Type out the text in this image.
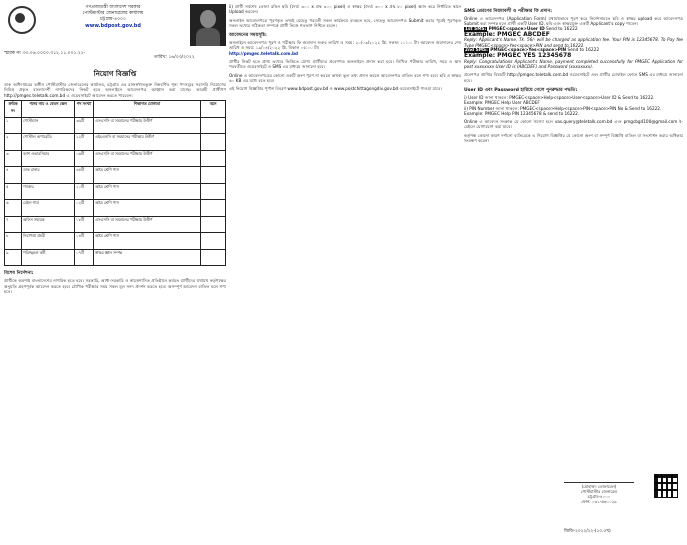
গণপ্রজাতন্ত্রী বাংলাদেশ সরকার
পোস্টমাস্টার জেনারেলের কার্যালয়
চট্টগ্রাম-৪০০০
www.bdpost.gov.bd
স্মারক নং ৩৩.০৬.০০০০.৩১২.১১.০০১.২২-
নিয়োগ বিজ্ঞপ্তি
ডাক অধিদপ্তরের অধীন পোস্টমাস্টার জেনারেলের কার্যালয়, চট্টগ্রাম এর রাজস্বখাতভুক্ত নিম্নবর্ণিত শূন্য পদসমূহে সরাসরি নিয়োগের নিমিত্ত প্রকৃত বাংলাদেশী নাগরিকদের নিকট হতে অনলাইনে আবেদনপত্র আহ্বান করা যাচ্ছে। আগ্রহী প্রার্থীগণ http://pmgec.teletalk.com.bd এ ওয়েবসাইটে আবেদন করতে পারবেন।
ক্রমিক নং	পদের নাম ও বেতন স্কেল	পদ সংখ্যা	শিক্ষাগত যোগ্যতা	বয়স
১	পোস্টম্যান	৩৯টি	এসএসসি বা সমমানের পরীক্ষায় উত্তীর্ণ	
২	পোস্টাল অপারেটর	১২টি	এইচএসসি বা সমমানের পরীক্ষায় উত্তীর্ণ	
৩	ক্যাশ ওভারসিয়ার	০৬টি	এসএসসি বা সমমানের পরীক্ষায় উত্তীর্ণ	
৪	ডাক রানার	৩৪টি	অষ্টম শ্রেণি পাস	
৫	প্যাকার	১০টি	অষ্টম শ্রেণি পাস	
৬	মেইল গার্ড	০২টি	অষ্টম শ্রেণি পাস	
৭	অফিস সহায়ক	০৮টি	এসএসসি বা সমমানের পরীক্ষায় উত্তীর্ণ	
৮	নিরাপত্তা প্রহরী	০৪টি	অষ্টম শ্রেণি পাস	
৯	পরিচ্ছন্নতা কর্মী	০৭টি	স্বাক্ষর জ্ঞান সম্পন্ন	
বিশেষ নির্দেশনা:
প্রার্থীকে অবশ্যই বাংলাদেশের নাগরিক হতে হবে। সরকারি, আধা-সরকারি ও স্বায়ত্তশাসিত প্রতিষ্ঠানে কর্মরত প্রার্থীদের যথাযথ কর্তৃপক্ষের অনুমতি গ্রহণপূর্বক আবেদন করতে হবে। মৌখিক পরীক্ষার সময় সকল মূল সনদ প্রদর্শন করতে হবে। অসম্পূর্ণ আবেদন বাতিল বলে গণ্য হবে।
ii) প্রার্থী সর্বশেষ তোলা রঙিন ছবি (দৈর্ঘ্য ৩০০ x প্রস্থ ৩০০ pixel) ও স্বাক্ষর (দৈর্ঘ্য ৩০০ x প্রস্থ ৮০ pixel) স্ক্যান করে নির্ধারিত স্থানে Upload করবেন।

অনলাইন আবেদনপত্রে পূরণকৃত তথ্যই যেহেতু পরবর্তী সকল কার্যক্রমে ব্যবহৃত হবে, সেহেতু আবেদনপত্র Submit করার পূর্বেই পূরণকৃত সকল তথ্যের সঠিকতা সম্পর্কে প্রার্থী নিজে শতভাগ নিশ্চিত হবেন।

আবেদনের সময়সূচি:
অনলাইনে আবেদনপত্র পূরণ ও পরীক্ষার ফি জমাদান শুরুর তারিখ ও সময়: ২০/০৩/২০২২ খ্রি. সকাল ১০:০০ টা। আবেদন জমাদানের শেষ তারিখ ও সময়: ১৯/০৪/২০২২ খ্রি. বিকাল ০৫:০০ টা।
http://pmgec.teletalk.com.bd

প্রার্থীর নিকট হতে প্রাপ্ত তথ্যের ভিত্তিতে যোগ্য প্রার্থীদের প্রবেশপত্র অনলাইনে প্রদান করা হবে। লিখিত পরীক্ষার তারিখ, সময় ও স্থান পরবর্তীতে ওয়েবসাইটে ও SMS এর মাধ্যমে জানানো হবে।

Online এ আবেদনপত্রের কোনো একটি অংশ পূরণ না করলে অথবা ভুল তথ্য প্রদান করলে আবেদনপত্র বাতিল বলে গণ্য হবে। ছবি ও স্বাক্ষর ৬০ KB এর মধ্যে হতে হবে।

এই নিয়োগ বিজ্ঞপ্তির পূর্ণাঙ্গ বিবরণ www.bdpost.gov.bd ও www.postchittagongdiv.gov.bd ওয়েবসাইটে পাওয়া যাবে।

SMS প্রেরণের নিয়মাবলী ও পরীক্ষার ফি প্রদান:
Online এ আবেদনপত্র (Application Form) যথাযথভাবে পূরণ করে নির্দেশনামতে ছবি ও স্বাক্ষর upload করে আবেদনপত্র Submit করা সম্পন্ন হলে প্রার্থী একটি User ID, ছবি এবং স্বাক্ষরযুক্ত একটি Applicant's copy পাবেন।
1st SMS: PMGEC<space>User ID Send to 16222
Example: PMGEC ABCDEF
Reply: Applicant's Name, Tk. 56/- will be charged as application fee. Your PIN is 12345678. To Pay fee Type PMGEC<space>Yes<space>PIN and send to 16222.
2nd SMS: PMGEC<space>Yes<space>PIN Send to 16222
Example: PMGEC YES 12345678
Reply: Congratulations Applicant's Name, payment completed successfully for PMGEC Application for post xxxxxxxx User ID is (ABCDEF) and Password (xxxxxxxx).

প্রবেশপত্র প্রাপ্তির বিষয়টি http://pmgec.teletalk.com.bd ওয়েবসাইটে এবং প্রার্থীর মোবাইল ফোনে SMS এর মাধ্যমে জানানো হবে।

User ID এবং Password হারিয়ে গেলে পুনরুদ্ধার পদ্ধতি:
i) User ID জানা থাকলে: PMGEC<space>Help<space>User<space>User ID & Send to 16222.
Example: PMGEC Help User ABCDEF
ii) PIN Number জানা থাকলে: PMGEC<space>Help<space>PIN<space>PIN No & Send to 16222.
Example: PMGEC Help PIN 12345678 & send to 16222.

Online এ আবেদন সংক্রান্ত যে কোনো সমস্যা হলে vas.query@teletalk.com.bd এবং pmgcbg4100@gmail.com ই-মেইলে যোগাযোগ করা যাবে।

কর্তৃপক্ষ কোনো কারণ দর্শানো ব্যতিরেকে এ নিয়োগ বিজ্ঞপ্তির যে কোনো অংশ বা সম্পূর্ণ বিজ্ঞপ্তি বাতিল বা সংশোধন করার অধিকার সংরক্ষণ করেন।

তারিখ: ১৬/০৩/২০২২
(মোহাম্মদ তোফায়েল)
পোস্টমাস্টার জেনারেল
চট্টগ্রাম-৪০০০
ফোন: ০৩১-৬৩০০২৯
জিডি-২০২২/২২-(১০.৫খ)
